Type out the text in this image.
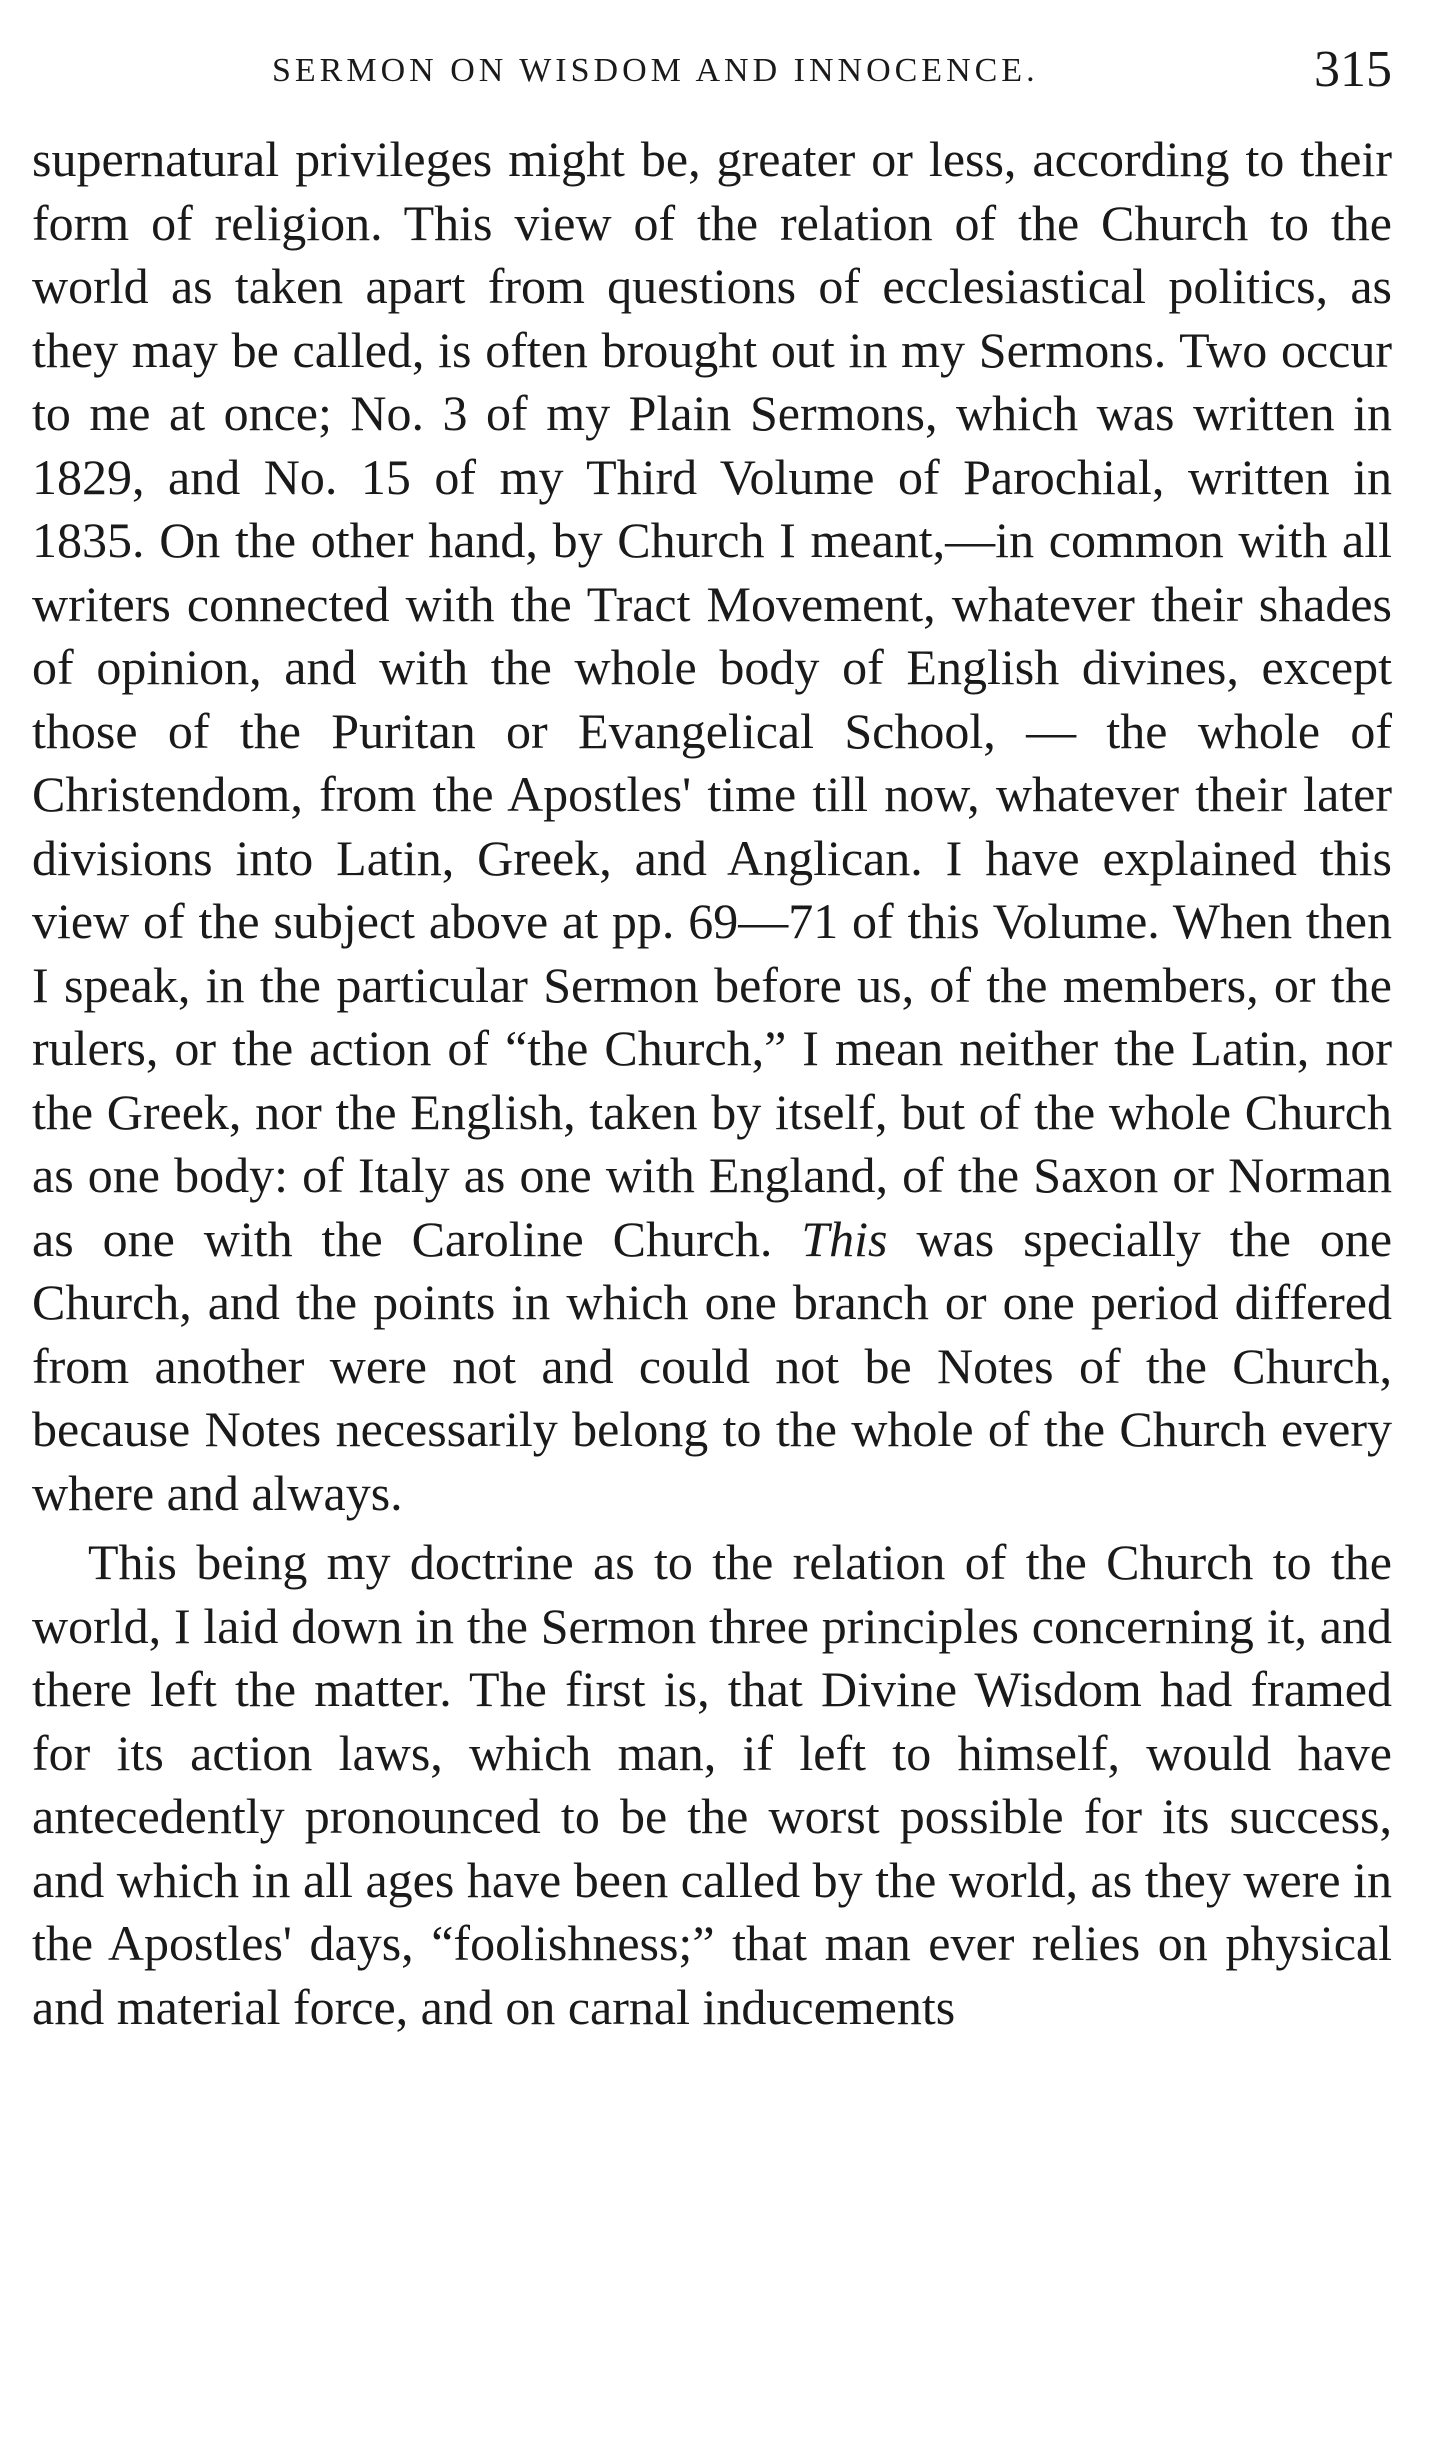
SERMON ON WISDOM AND INNOCENCE.	315

supernatural privileges might be, greater or less, according to their form of religion. This view of the relation of the Church to the world as taken apart from questions of ecclesiastical politics, as they may be called, is often brought out in my Sermons. Two occur to me at once; No. 3 of my Plain Sermons, which was written in 1829, and No. 15 of my Third Volume of Parochial, written in 1835. On the other hand, by Church I meant,—in common with all writers connected with the Tract Movement, whatever their shades of opinion, and with the whole body of English divines, except those of the Puritan or Evangelical School, — the whole of Christendom, from the Apostles' time till now, whatever their later divisions into Latin, Greek, and Anglican. I have explained this view of the subject above at pp. 69—71 of this Volume. When then I speak, in the particular Sermon before us, of the members, or the rulers, or the action of “the Church,” I mean neither the Latin, nor the Greek, nor the English, taken by itself, but of the whole Church as one body: of Italy as one with England, of the Saxon or Norman as one with the Caroline Church. This was specially the one Church, and the points in which one branch or one period differed from another were not and could not be Notes of the Church, because Notes necessarily belong to the whole of the Church every where and always.

This being my doctrine as to the relation of the Church to the world, I laid down in the Sermon three principles concerning it, and there left the matter. The first is, that Divine Wisdom had framed for its action laws, which man, if left to himself, would have antecedently pronounced to be the worst possible for its success, and which in all ages have been called by the world, as they were in the Apostles' days, “foolishness;” that man ever relies on physical and material force, and on carnal inducements
